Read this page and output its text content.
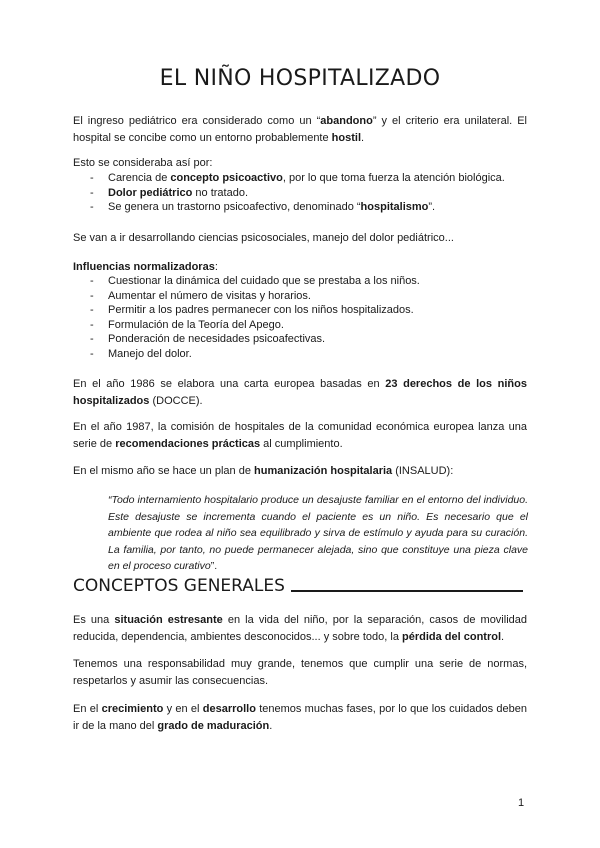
EL NIÑO HOSPITALIZADO

El ingreso pediátrico era considerado como un “abandono” y el criterio era unilateral. El hospital se concibe como un entorno probablemente hostil.

Esto se consideraba así por:

- Carencia de concepto psicoactivo, por lo que toma fuerza la atención biológica.
- Dolor pediátrico no tratado.
- Se genera un trastorno psicoafectivo, denominado “hospitalismo”.

Se van a ir desarrollando ciencias psicosociales, manejo del dolor pediátrico...

Influencias normalizadoras:

- Cuestionar la dinámica del cuidado que se prestaba a los niños.
- Aumentar el número de visitas y horarios.
- Permitir a los padres permanecer con los niños hospitalizados.
- Formulación de la Teoría del Apego.
- Ponderación de necesidades psicoafectivas.
- Manejo del dolor.

En el año 1986 se elabora una carta europea basadas en 23 derechos de los niños hospitalizados (DOCCE).

En el año 1987, la comisión de hospitales de la comunidad económica europea lanza una serie de recomendaciones prácticas al cumplimiento.

En el mismo año se hace un plan de humanización hospitalaria (INSALUD):

“Todo internamiento hospitalario produce un desajuste familiar en el entorno del individuo. Este desajuste se incrementa cuando el paciente es un niño. Es necesario que el ambiente que rodea al niño sea equilibrado y sirva de estímulo y ayuda para su curación. La familia, por tanto, no puede permanecer alejada, sino que constituye una pieza clave en el proceso curativo”.

CONCEPTOS GENERALES

Es una situación estresante en la vida del niño, por la separación, casos de movilidad reducida, dependencia, ambientes desconocidos... y sobre todo, la pérdida del control.

Tenemos una responsabilidad muy grande, tenemos que cumplir una serie de normas, respetarlos y asumir las consecuencias.

En el crecimiento y en el desarrollo tenemos muchas fases, por lo que los cuidados deben ir de la mano del grado de maduración.

1
